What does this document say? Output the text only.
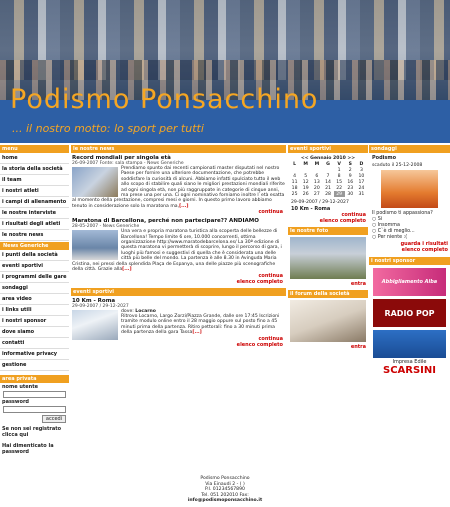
Podismo Ponsacchino
... il nostro motto: lo sport per tutti
menu
home
la storia della società
il team
i nostri atleti
i campi di allenamento
le nostre interviste
i risultati degli atleti
le nostre news
News Generiche
i punti della società
eventi sportivi
i programmi delle gare
sondaggi
area video
i links utili
i nostri sponsor
dove siamo
contatti
informative privacy
gestione
area privata
nome utente
password
accedi
Se non sei registrato clicca qui
Hai dimenticato la password
le nostre news
Record mondiali per singola età
26-09-2007 Fonte: sala stampa - News Generiche
Prendiamo spunto dai recenti campionati master disputati nel nostro Paese per fornire una ulteriore documentazione, che potrebbe soddisfare la curiosità di alcuni. Abbiamo infatti spulciato tutto il web allo scopo di stabilire quali siano le migliori prestazioni mondiali riferite ad ogni singola età, non più raggruppate in categorie di cinque anni, ma prese una per una. Ci ogni nominativo forniamo inoltre l`età esatta al momento della prestazione, compresi mesi e giorni. In questo primo lavoro abbiamo tenuto in considerazione solo la maratona ma,[...]
continua
Maratona di Barcellona, perché non partecipare?? ANDIAMO
28-05-2007 - News Generiche
Una vera e propria maratona turistica alla scoperta delle bellezze di Barcellona! Tempo limite 6 ore, 10.000 concorrenti, ottima organizzazione http://www.maratodebarcelona.es/ La 30ª edizione di questa maratona vi permetterà di scoprire, lungo il percorso di gara, i luoghi più famosi e suggestivi di quella che è considerata una delle città più belle del mondo. La partenza è alle 8.30 in Avinguda Maria Cristina, nei pressi della splendida Plaça de Espanya, una delle piazze più scenografiche della città. Grazie alla[...]
continua
elenco completo
eventi sportivi
10 Km - Roma
29-09-2007 / 29-12-2027
dove: Locarno
Ritrovo Locarno, Largo Zorzi/Piazza Grande, dalle ore 17:45 Iscrizioni tramite modulo online entro il 28 maggio oppure sul posto fino a 45 minuti prima della partenza. Ritiro pettorali: fino a 30 minuti prima della partenza della gara Tassa[...]
continua
elenco completo
eventi sportivi
<< Gennaio 2010 >>						
L	M	M	G	V	S	D
				1	2	3
4	5	6	7	8	9	10
11	12	13	14	15	16	17
18	19	20	21	22	23	24
25	26	27	28	29	30	31
29-09-2007 / 29-12-2027
10 Km - Roma
continua
elenco completo
le nostre foto
entra
il forum della società
entra
sondaggi
Podismo
scaduto il 25-12-2008
Il podismo ti appassiona?
○ Si
○ Insomma
○ C`è di meglio...
○ Per niente :(
guarda i risultati
elenco completo
i nostri sponsor
Abbigliamento Alba
RADIO POP
Impresa Edile
SCARSINI
Podismo Ponsacchino
Via Einaudi 2 - ( )
P.I. 01234567890
Tel. 051 202010 Fax:
info@podismoponsacchino.it
